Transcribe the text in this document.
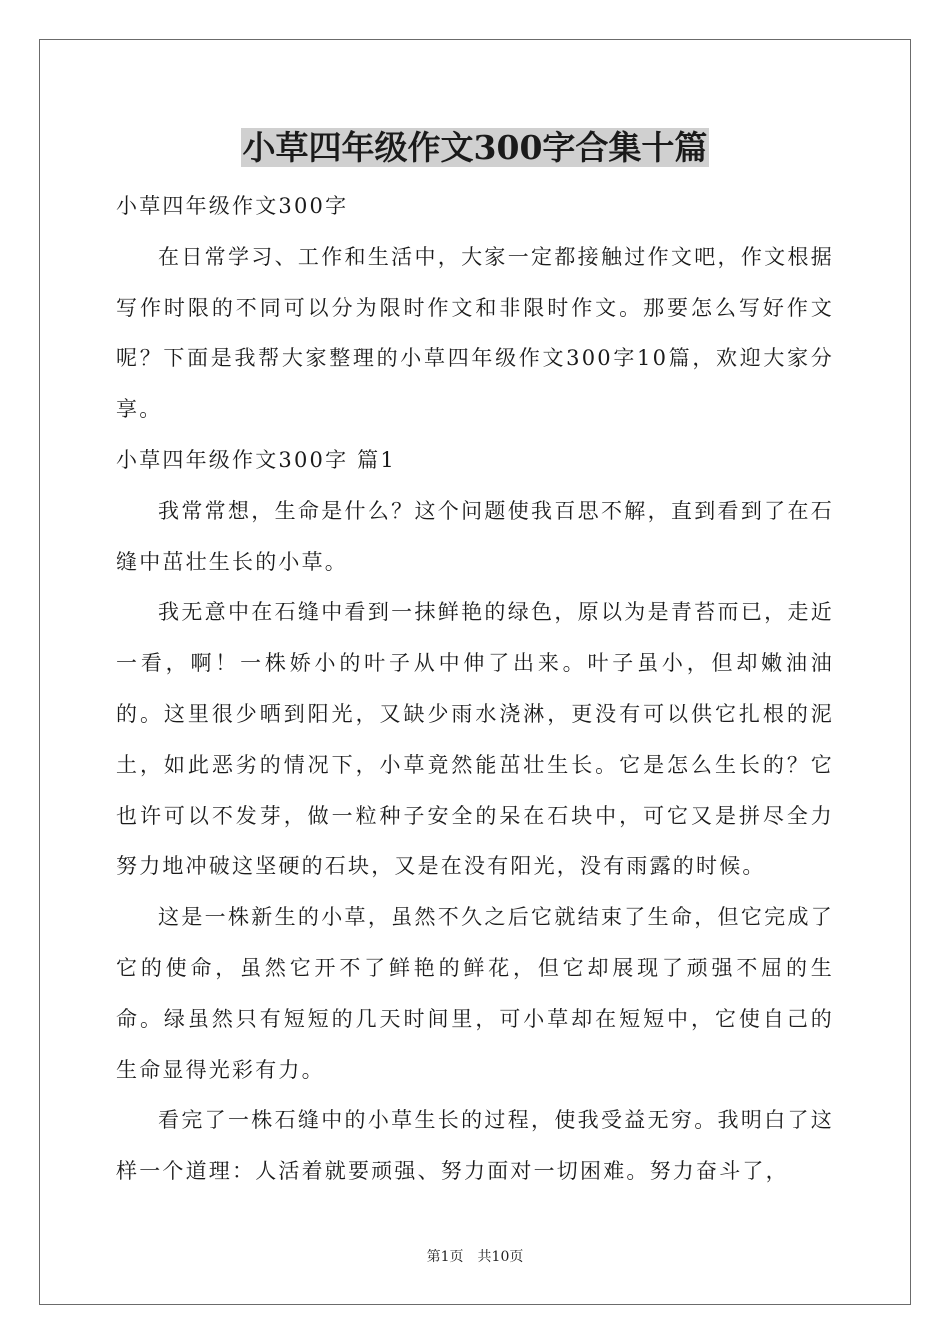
小草四年级作文300字合集十篇

小草四年级作文300字

在日常学习、工作和生活中，大家一定都接触过作文吧，作文根据写作时限的不同可以分为限时作文和非限时作文。那要怎么写好作文呢？下面是我帮大家整理的小草四年级作文300字10篇，欢迎大家分享。

小草四年级作文300字 篇1

我常常想，生命是什么？这个问题使我百思不解，直到看到了在石缝中茁壮生长的小草。

我无意中在石缝中看到一抹鲜艳的绿色，原以为是青苔而已，走近一看，啊！一株娇小的叶子从中伸了出来。叶子虽小，但却嫩油油的。这里很少晒到阳光，又缺少雨水浇淋，更没有可以供它扎根的泥土，如此恶劣的情况下，小草竟然能茁壮生长。它是怎么生长的？它也许可以不发芽，做一粒种子安全的呆在石块中，可它又是拼尽全力努力地冲破这坚硬的石块，又是在没有阳光，没有雨露的时候。

这是一株新生的小草，虽然不久之后它就结束了生命，但它完成了它的使命，虽然它开不了鲜艳的鲜花，但它却展现了顽强不屈的生命。绿虽然只有短短的几天时间里，可小草却在短短中，它使自己的生命显得光彩有力。

看完了一株石缝中的小草生长的过程，使我受益无穷。我明白了这样一个道理：人活着就要顽强、努力面对一切困难。努力奋斗了，

第1页　共10页
